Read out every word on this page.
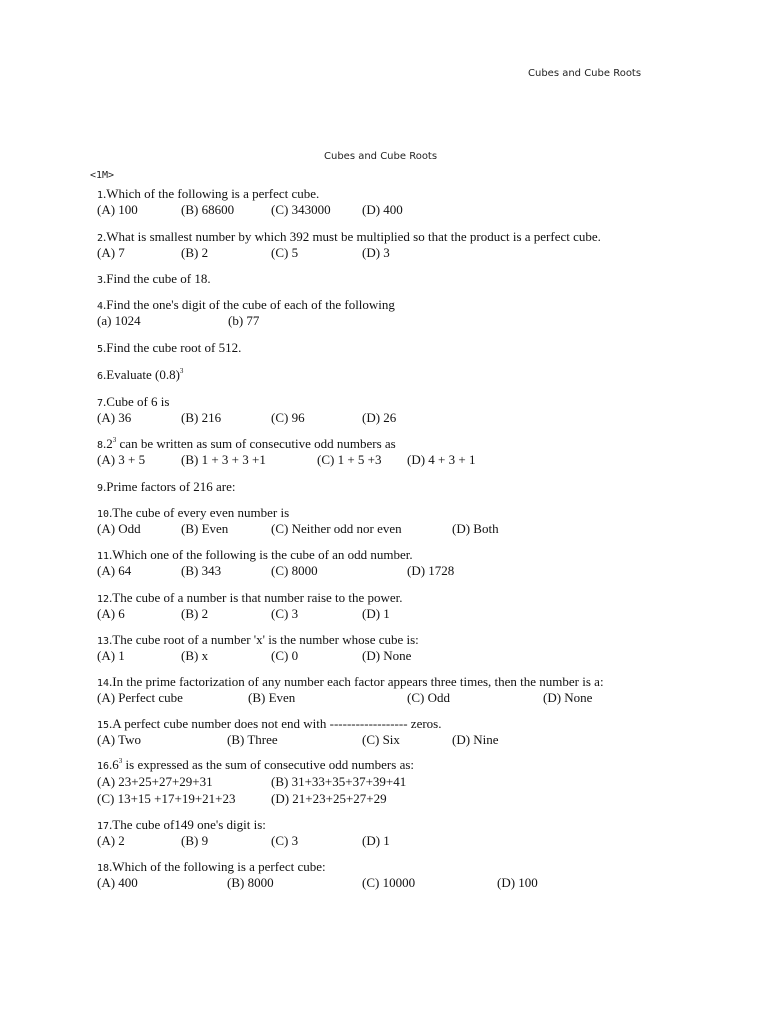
Cubes and Cube Roots
Cubes and Cube Roots
<1M>
1.Which of the following is a perfect cube.
(A) 100	(B) 68600	(C) 343000 (D) 400
2.What is smallest number by which 392 must be multiplied so that the product is a perfect cube.
(A) 7	(B) 2	(C) 5	(D) 3
3.Find the cube of 18.
4.Find the one's digit of the cube of each of the following
(a) 1024	(b) 77
5.Find the cube root of 512.
6.Evaluate $(0.8)^3$
7.Cube of 6 is
(A) 36	(B) 216	(C) 96	(D) 26
$8.2^3$ can be written as sum of consecutive odd numbers as
(A) 3 + 5	(B) 1 + 3 + 3 +1	(C) 1 + 5 +3 (D) 4 + 3 + 1
9.Prime factors of 216 are:
10.The cube of every even number is
(A) Odd	(B) Even	(C) Neither odd nor even	(D) Both
11.Which one of the following is the cube of an odd number.
(A) 64	(B) 343	(C) 8000	(D) 1728
12.The cube of a number is that number raise to the power.
(A) 6	(B) 2	(C) 3	(D) 1
13.The cube root of a number 'x' is the number whose cube is:
(A) 1	(B) x	(C) 0	(D) None
14.In the prime factorization of any number each factor appears three times, then the number is a:
(A) Perfect cube	(B) Even	(C) Odd	(D) None
15.A perfect cube number does not end with ------------------ zeros.
(A) Two	(B) Three	(C) Six	(D) Nine
16.6$^3$ is expressed as the sum of consecutive odd numbers as:
(A) 23+25+27+29+31	(B) 31+33+35+37+39+41
(C) 13+15 +17+19+21+23	(D) 21+23+25+27+29
17.The cube of149 one's digit is:
(A) 2	(B) 9	(C) 3	(D) 1
18.Which of the following is a perfect cube:
(A) 400	(B) 8000	(C) 10000	(D) 100
